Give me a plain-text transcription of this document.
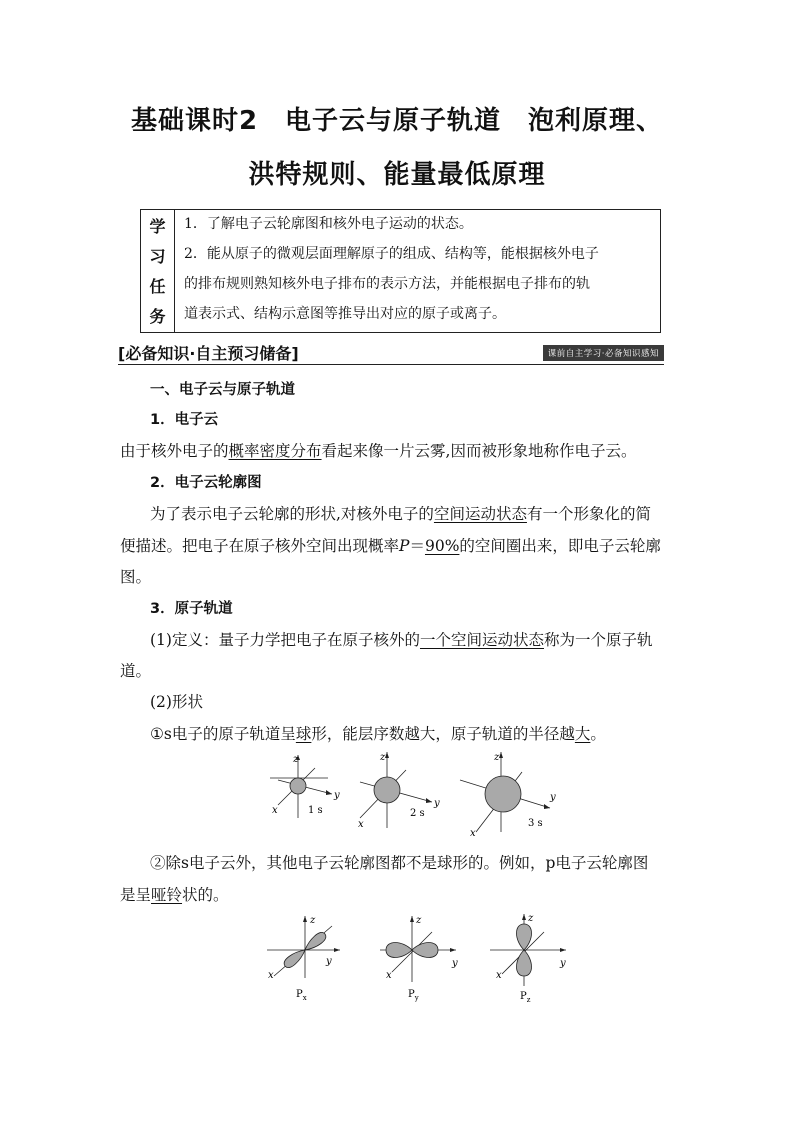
基础课时2　电子云与原子轨道　泡利原理、
洪特规则、能量最低原理
学
习
任
务
1．了解电子云轮廓图和核外电子运动的状态。
2．能从原子的微观层面理解原子的组成、结构等，能根据核外电子
的排布规则熟知核外电子排布的表示方法，并能根据电子排布的轨
道表示式、结构示意图等推导出对应的原子或离子。
[必备知识·自主预习储备]	课前自主学习·必备知识感知
一、电子云与原子轨道
1．电子云
由于核外电子的概率密度分布看起来像一片云雾,因而被形象地称作电子云。
2．电子云轮廓图
为了表示电子云轮廓的形状,对核外电子的空间运动状态有一个形象化的简
便描述。把电子在原子核外空间出现概率P＝90%的空间圈出来，即电子云轮廓
图。
3．原子轨道
(1)定义：量子力学把电子在原子核外的一个空间运动状态称为一个原子轨
道。
(2)形状
①s电子的原子轨道呈球形，能层序数越大，原子轨道的半径越大。
z
x
y
1 s
z
x
y
2 s
z
x
y
3 s
②除s电子云外，其他电子云轮廓图都不是球形的。例如，p电子云轮廓图
是呈哑铃状的。
z
x
y
$P_x$
z
x
y
$P_y$
z
x
y
$P_z$
